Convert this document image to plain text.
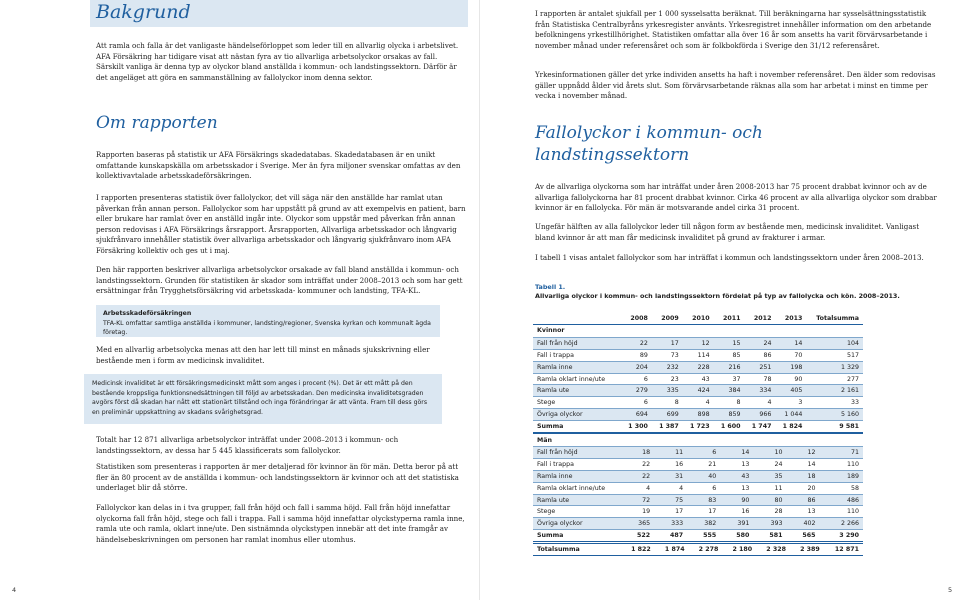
Bakgrund

Att ramla och falla är det vanligaste händelseförloppet som leder till en allvarlig olycka i arbetslivet. AFA Försäkring har tidigare visat att nästan fyra av tio allvarliga arbetsolyckor orsakas av fall. Särskilt vanliga är denna typ av olyckor bland anställda i kommun- och landstingssektorn. Därför är det angeläget att göra en sammanställning av fallolyckor inom denna sektor.

Om rapporten

Rapporten baseras på statistik ur AFA Försäkrings skadedatabas. Skadedatabasen är en unikt omfattande kunskapskälla om arbetsskador i Sverige. Mer än fyra miljoner svenskar omfattas av den kollektivavtalade arbetsskadeförsäkringen.

I rapporten presenteras statistik över fallolyckor, det vill säga när den anställde har ramlat utan påverkan från annan person. Fallolyckor som har uppstått på grund av att exempelvis en patient, barn eller brukare har ramlat över en anställd ingår inte. Olyckor som uppstår med påverkan från annan person redovisas i AFA Försäkrings årsrapport. Årsrapporten, Allvarliga arbetsskador och långvarig sjukfrånvaro innehåller statistik över allvarliga arbetsskador och långvarig sjukfrånvaro inom AFA Försäkring kollektiv och ges ut i maj.

Den här rapporten beskriver allvarliga arbetsolyckor orsakade av fall bland anställda i kommun- och landstingssektorn. Grunden för statistiken är skador som inträffat under 2008–2013 och som har gett ersättningar från Trygghetsförsäkring vid arbetsskada- kommuner och landsting, TFA-KL.

Arbetsskadeförsäkringen

TFA-KL omfattar samtliga anställda i kommuner, landsting/regioner, Svenska kyrkan och kommunalt ägda företag.

Med en allvarlig arbetsolycka menas att den har lett till minst en månads sjukskrivning eller bestående men i form av medicinsk invaliditet.

Medicinsk invaliditet är ett försäkringsmedicinskt mått som anges i procent (%). Det är ett mått på den bestående kroppsliga funktionsnedsättningen till följd av arbetsskadan. Den medicinska invaliditetsgraden avgörs först då skadan har nått ett stationärt tillstånd och inga förändringar är att vänta. Fram till dess görs en preliminär uppskattning av skadans svårighetsgrad.

Totalt har 12 871 allvarliga arbetsolyckor inträffat under 2008–2013 i kommun- och landstingssektorn, av dessa har 5 445 klassificerats som fallolyckor.

Statistiken som presenteras i rapporten är mer detaljerad för kvinnor än för män. Detta beror på att fler än 80 procent av de anställda i kommun- och landstingssektorn är kvinnor och att det statistiska underlaget blir då större.

Fallolyckor kan delas in i tva grupper, fall från höjd och fall i samma höjd. Fall från höjd innefattar olyckorna fall från höjd, stege och fall i trappa. Fall i samma höjd innefattar olyckstyperna ramla inne, ramla ute och ramla, oklart inne/ute. Den sistnämnda olyckstypen innebär att det inte framgår av händelsebeskrivningen om personen har ramlat inomhus eller utomhus.

4	5

I rapporten är antalet sjukfall per 1 000 sysselsatta beräknat. Till beräkningarna har sysselsättningsstatistik från Statistiska Centralbyråns yrkesregister använts. Yrkesregistret innehåller information om den arbetande befolkningens yrkestillhörighet. Statistiken omfattar alla över 16 år som ansetts ha varit förvärvsarbetande i november månad under referensåret och som är folkbokförda i Sverige den 31/12 referensåret.

Yrkesinformationen gäller det yrke individen ansetts ha haft i november referensåret. Den älder som redovisas gäller uppnådd ålder vid årets slut. Som förvärvsarbetande räknas alla som har arbetat i minst en timme per vecka i november månad.

Fallolyckor i kommun- och landstingssektorn

Av de allvarliga olyckorna som har inträffat under åren 2008-2013 har 75 procent drabbat kvinnor och av de allvarliga fallolyckorna har 81 procent drabbat kvinnor. Cirka 46 procent av alla allvarliga olyckor som drabbar kvinnor är en fallolycka. För män är motsvarande andel cirka 31 procent.

Ungefär hälften av alla fallolyckor leder till någon form av bestående men, medicinsk invaliditet. Vanligast bland kvinnor är att man får medicinsk invaliditet på grund av frakturer i armar.

I tabell 1 visas antalet fallolyckor som har inträffat i kommun och landstingssektorn under åren 2008–2013.

Tabell 1.
Allvarliga olyckor i kommun- och landstingssektorn fördelat på typ av fallolycka och kön. 2008–2013.
	2008	2009	2010	2011	2012	2013	Totalsumma
Kvinnor							
Fall från höjd	22	17	12	15	24	14	104
Fall i trappa	89	73	114	85	86	70	517
Ramla inne	204	232	228	216	251	198	1 329
Ramla oklart inne/ute	6	23	43	37	78	90	277
Ramla ute	279	335	424	384	334	405	2 161
Stege	6	8	4	8	4	3	33
Övriga olyckor	694	699	898	859	966	1 044	5 160
Summa	1 300	1 387	1 723	1 600	1 747	1 824	9 581
Män							
Fall från höjd	18	11	6	14	10	12	71
Fall i trappa	22	16	21	13	24	14	110
Ramla inne	22	31	40	43	35	18	189
Ramla oklart inne/ute	4	4	6	13	11	20	58
Ramla ute	72	75	83	90	80	86	486
Stege	19	17	17	16	28	13	110
Övriga olyckor	365	333	382	391	393	402	2 266
Summa	522	487	555	580	581	565	3 290
Totalsumma	1 822	1 874	2 278	2 180	2 328	2 389	12 871
